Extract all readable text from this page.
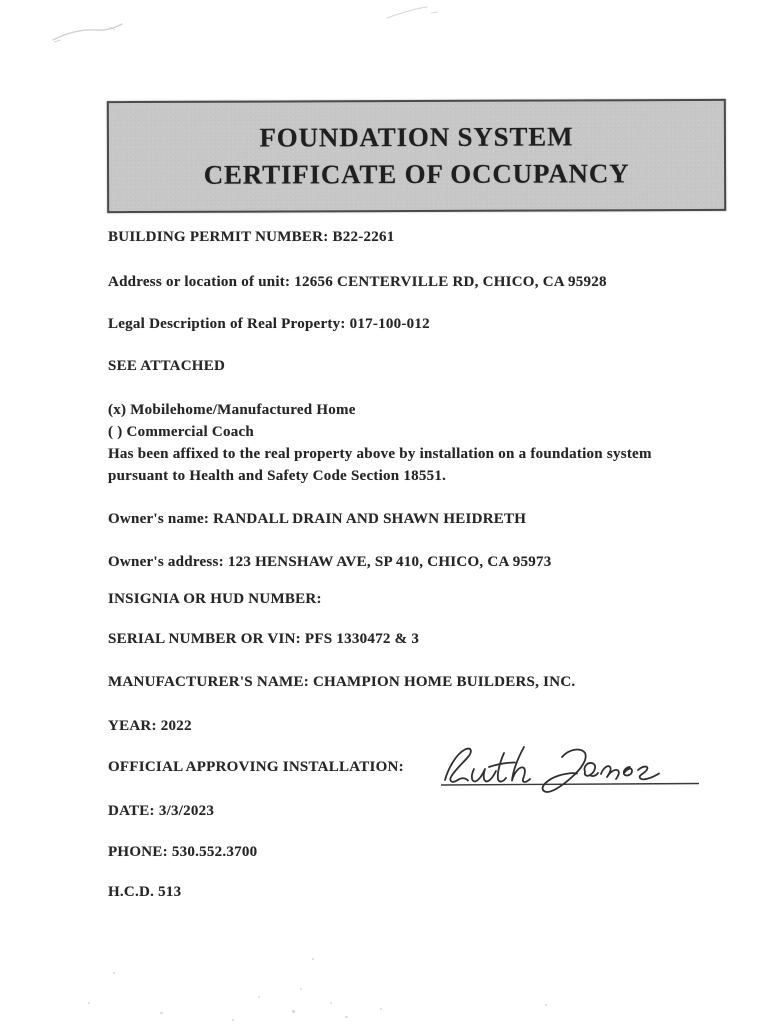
FOUNDATION SYSTEM
CERTIFICATE OF OCCUPANCY
BUILDING PERMIT NUMBER: B22-2261
Address or location of unit: 12656 CENTERVILLE RD, CHICO, CA 95928
Legal Description of Real Property: 017-100-012
SEE ATTACHED
(x) Mobilehome/Manufactured Home
( ) Commercial Coach
Has been affixed to the real property above by installation on a foundation system
pursuant to Health and Safety Code Section 18551.
Owner's name: RANDALL DRAIN AND SHAWN HEIDRETH
Owner's address: 123 HENSHAW AVE, SP 410, CHICO, CA 95973
INSIGNIA OR HUD NUMBER:
SERIAL NUMBER OR VIN: PFS 1330472 & 3
MANUFACTURER'S NAME: CHAMPION HOME BUILDERS, INC.
YEAR: 2022
OFFICIAL APPROVING INSTALLATION:
DATE: 3/3/2023
PHONE: 530.552.3700
H.C.D. 513
